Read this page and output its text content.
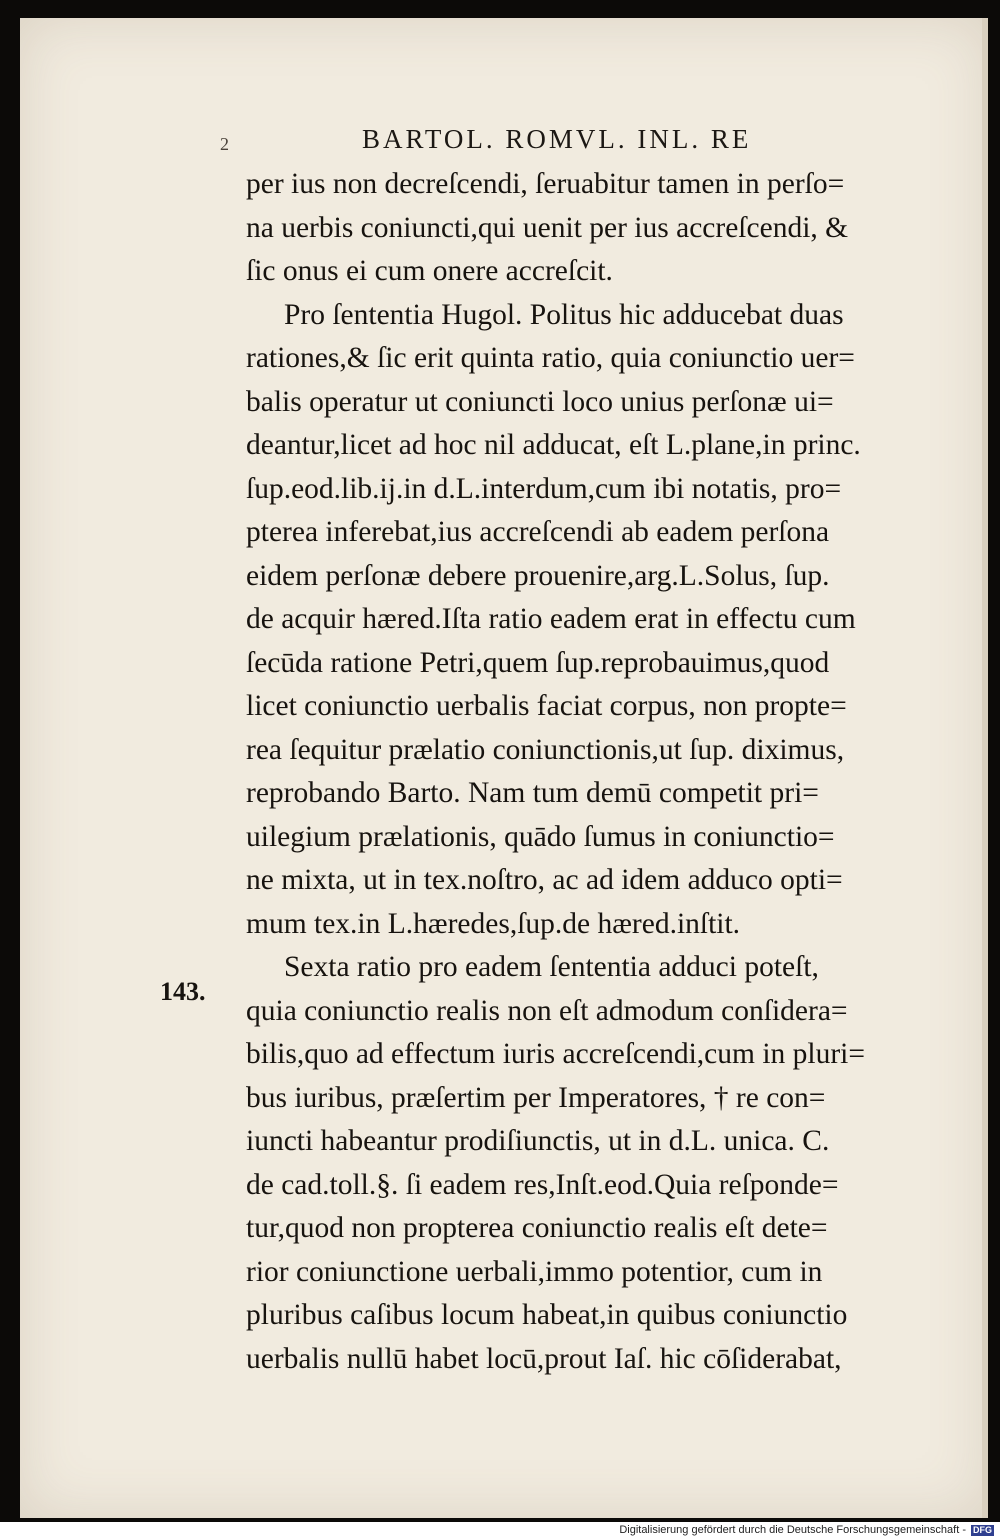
2	BARTOL. ROMVL. INL. RE
per ius non decreſcendi, ſeruabitur tamen in perſo=
na uerbis coniuncti,qui uenit per ius accreſcendi, &
ſic onus ei cum onere accreſcit.
Pro ſententia Hugol. Politus hic adducebat duas
rationes,& ſic erit quinta ratio, quia coniunctio uer=
balis operatur ut coniuncti loco unius perſonæ ui=
deantur,licet ad hoc nil adducat, eſt L.plane,in princ.
ſup.eod.lib.ij.in d.L.interdum,cum ibi notatis, pro=
pterea inferebat,ius accreſcendi ab eadem perſona
eidem perſonæ debere prouenire,arg.L.Solus, ſup.
de acquir hæred.Iſta ratio eadem erat in effectu cum
ſecūda ratione Petri,quem ſup.reprobauimus,quod
licet coniunctio uerbalis faciat corpus, non propte=
rea ſequitur prælatio coniunctionis,ut ſup. diximus,
reprobando Barto. Nam tum demū competit pri=
uilegium prælationis, quādo ſumus in coniunctio=
ne mixta, ut in tex.noſtro, ac ad idem adduco opti=
mum tex.in L.hæredes,ſup.de hæred.inſtit.
Sexta ratio pro eadem ſententia adduci poteſt,
quia coniunctio realis non eſt admodum conſidera=
bilis,quo ad effectum iuris accreſcendi,cum in pluri=
bus iuribus, præſertim per Imperatores, † re con=
iuncti habeantur prodiſiunctis, ut in d.L. unica. C.
de cad.toll.§. ſi eadem res,Inſt.eod.Quia reſponde=
tur,quod non propterea coniunctio realis eſt dete=
rior coniunctione uerbali,immo potentior, cum in
pluribus caſibus locum habeat,in quibus coniunctio
uerbalis nullū habet locū,prout Iaſ. hic cōſiderabat,
143.
Digitalisierung gefördert durch die Deutsche Forschungsgemeinschaft - DFG
